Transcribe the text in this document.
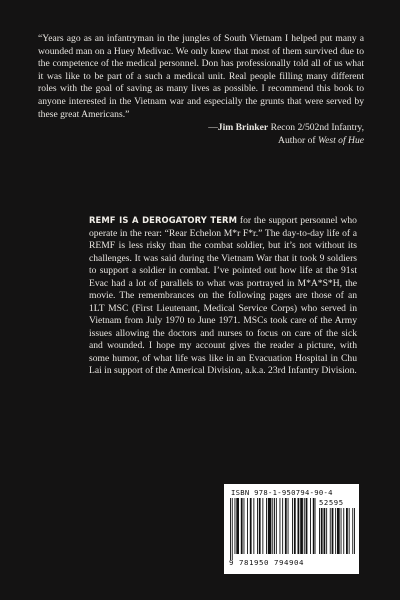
“Years ago as an infantryman in the jungles of South Vietnam I helped put many a wounded man on a Huey Medivac. We only knew that most of them survived due to the competence of the medical personnel. Don has professionally told all of us what it was like to be part of a such a medical unit. Real people filling many different roles with the goal of saving as many lives as possible. I recommend this book to anyone interested in the Vietnam war and especially the grunts that were served by these great Americans.”

—Jim Brinker Recon 2/502nd Infantry,
Author of West of Hue
REMF IS A DEROGATORY TERM for the support personnel who operate in the rear: “Rear Echelon M*r F*r.” The day-to-day life of a REMF is less risky than the combat soldier, but it’s not without its challenges. It was said during the Vietnam War that it took 9 soldiers to support a soldier in combat. I’ve pointed out how life at the 91st Evac had a lot of parallels to what was portrayed in M*A*S*H, the movie. The remembrances on the following pages are those of an 1LT MSC (First Lieutenant, Medical Service Corps) who served in Vietnam from July 1970 to June 1971. MSCs took care of the Army issues allowing the doctors and nurses to focus on care of the sick and wounded. I hope my account gives the reader a picture, with some humor, of what life was like in an Evacuation Hospital in Chu Lai in support of the Americal Division, a.k.a. 23rd Infantry Division.
ISBN 978-1-950794-90-4
52595
9 781950 794904
